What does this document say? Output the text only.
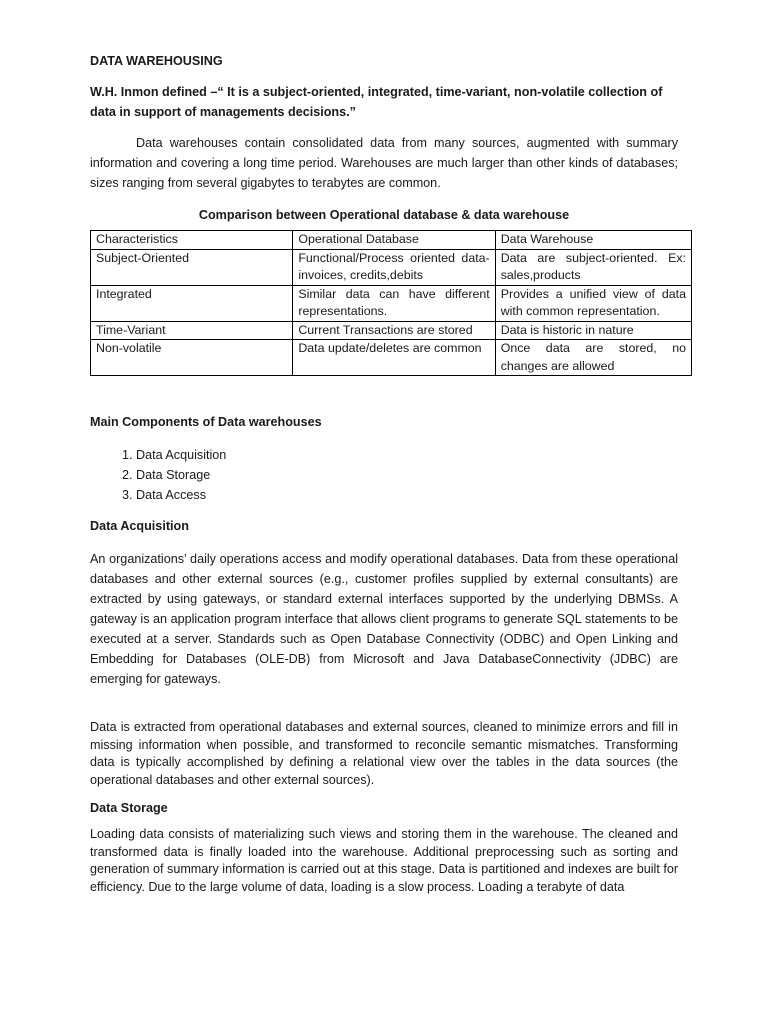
DATA WAREHOUSING

W.H. Inmon defined –“ It is a subject-oriented, integrated, time-variant, non-volatile collection of data in support of managements decisions.”

Data warehouses contain consolidated data from many sources, augmented with summary information and covering a long time period. Warehouses are much larger than other kinds of databases; sizes ranging from several gigabytes to terabytes are common.

Comparison between Operational database & data warehouse

Characteristics	Operational Database	Data Warehouse
Subject-Oriented	Functional/Process oriented data- invoices, credits,debits	Data are subject-oriented. Ex: sales,products
Integrated	Similar data can have different representations.	Provides a unified view of data with common representation.
Time-Variant	Current Transactions are stored	Data is historic in nature
Non-volatile	Data update/deletes are common	Once data are stored, no changes are allowed

Main Components of Data warehouses

1. Data Acquisition
2. Data Storage
3. Data Access

Data Acquisition

An organizations’ daily operations access and modify operational databases. Data from these operational databases and other external sources (e.g., customer profiles supplied by external consultants) are extracted by using gateways, or standard external interfaces supported by the underlying DBMSs. A gateway is an application program interface that allows client programs to generate SQL statements to be executed at a server. Standards such as Open Database Connectivity (ODBC) and Open Linking and Embedding for Databases (OLE-DB) from Microsoft and Java DatabaseConnectivity (JDBC) are emerging for gateways.

Data is extracted from operational databases and external sources, cleaned to minimize errors and fill in missing information when possible, and transformed to reconcile semantic mismatches. Transforming data is typically accomplished by defining a relational view over the tables in the data sources (the operational databases and other external sources).

Data Storage

Loading data consists of materializing such views and storing them in the warehouse. The cleaned and transformed data is finally loaded into the warehouse. Additional preprocessing such as sorting and generation of summary information is carried out at this stage. Data is partitioned and indexes are built for efficiency. Due to the large volume of data, loading is a slow process. Loading a terabyte of data
